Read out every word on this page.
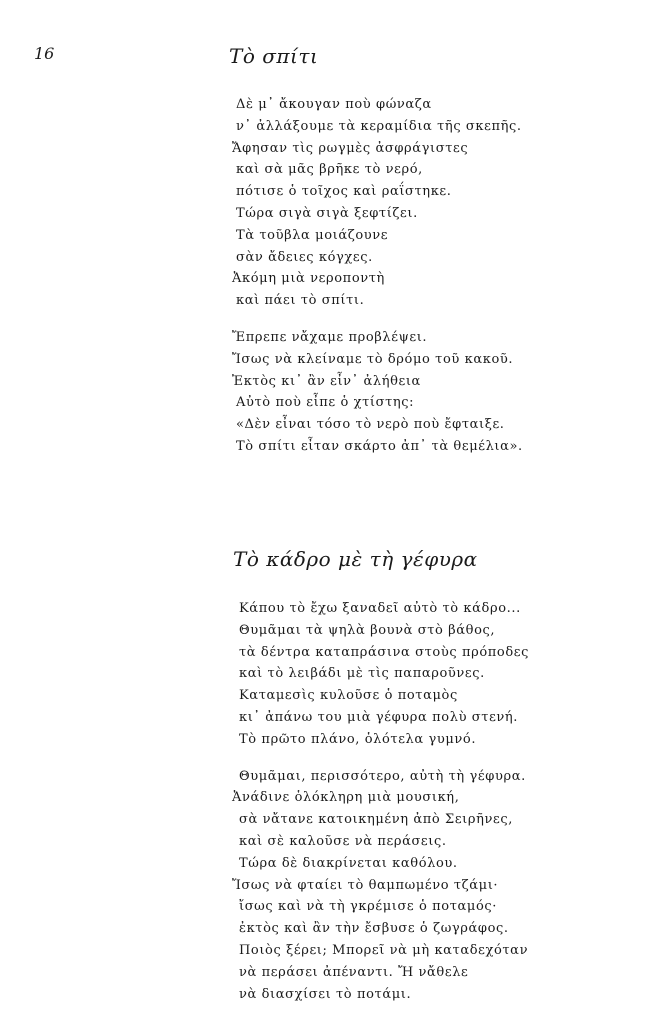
16	Τὸ σπίτι
Δὲ μ᾿ ἄκουγαν ποὺ φώναζα
ν᾿ ἀλλάξουμε τὰ κεραμίδια τῆς σκεπῆς.
Ἄφησαν τὶς ρωγμὲς ἀσφράγιστες
καὶ σὰ μᾶς βρῆκε τὸ νερό,
πότισε ὁ τοῖχος καὶ ραΐστηκε.
Τώρα σιγὰ σιγὰ ξεφτίζει.
Τὰ τοῦβλα μοιάζουνε
σὰν ἄδειες κόγχες.
Ἀκόμη μιὰ νεροποντὴ
καὶ πάει τὸ σπίτι.
Ἔπρεπε νἄχαμε προβλέψει.
Ἴσως νὰ κλείναμε τὸ δρόμο τοῦ κακοῦ.
Ἐκτὸς κι᾿ ἂν εἶν᾿ ἀλήθεια
Αὐτὸ ποὺ εἶπε ὁ χτίστης:
«Δὲν εἶναι τόσο τὸ νερὸ ποὺ ἔφταιξε.
Τὸ σπίτι εἶταν σκάρτο ἀπ᾿ τὰ θεμέλια».
Τὸ κάδρο μὲ τὴ γέφυρα
Κάπου τὸ ἔχω ξαναδεῖ αὐτὸ τὸ κάδρο...
Θυμᾶμαι τὰ ψηλὰ βουνὰ στὸ βάθος,
τὰ δέντρα καταπράσινα στοὺς πρόποδες
καὶ τὸ λειβάδι μὲ τὶς παπαροῦνες.
Καταμεσὶς κυλοῦσε ὁ ποταμὸς
κι᾿ ἀπάνω του μιὰ γέφυρα πολὺ στενή.
Τὸ πρῶτο πλάνο, ὁλότελα γυμνό.
Θυμᾶμαι, περισσότερο, αὐτὴ τὴ γέφυρα.
Ἀνάδινε ὁλόκληρη μιὰ μουσική,
σὰ νἄτανε κατοικημένη ἀπὸ Σειρῆνες,
καὶ σὲ καλοῦσε νὰ περάσεις.
Τώρα δὲ διακρίνεται καθόλου.
Ἴσως νὰ φταίει τὸ θαμπωμένο τζάμι·
ἴσως καὶ νὰ τὴ γκρέμισε ὁ ποταμός·
ἐκτὸς καὶ ἂν τὴν ἔσβυσε ὁ ζωγράφος.
Ποιὸς ξέρει; Μπορεῖ νὰ μὴ καταδεχόταν
νὰ περάσει ἀπέναντι. Ἤ νἄθελε
νὰ διασχίσει τὸ ποτάμι.
